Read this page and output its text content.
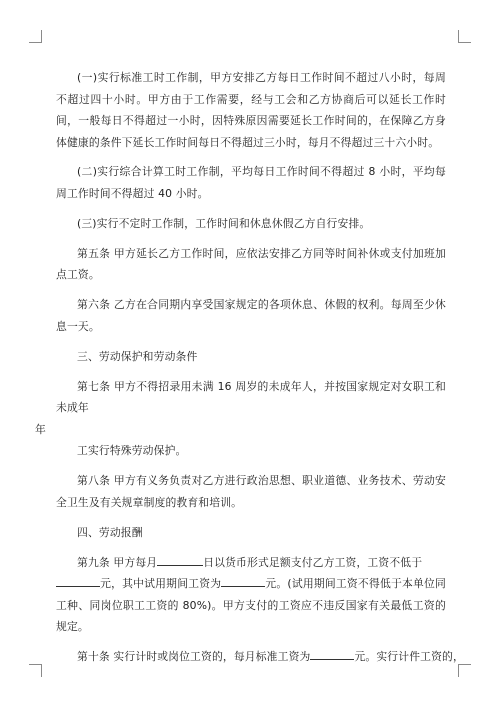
(一)实行标准工时工作制，甲方安排乙方每日工作时间不超过八小时，每周不超过四十小时。甲方由于工作需要，经与工会和乙方协商后可以延长工作时间，一般每日不得超过一小时，因特殊原因需要延长工作时间的，在保障乙方身体健康的条件下延长工作时间每日不得超过三小时，每月不得超过三十六小时。

(二)实行综合计算工时工作制，平均每日工作时间不得超过 8 小时，平均每周工作时间不得超过 40 小时。

(三)实行不定时工作制，工作时间和休息休假乙方自行安排。

第五条 甲方延长乙方工作时间，应依法安排乙方同等时间补休或支付加班加点工资。

第六条 乙方在合同期内享受国家规定的各项休息、休假的权利。每周至少休息一天。

三、劳动保护和劳动条件

第七条 甲方不得招录用未满 16 周岁的未成年人，并按国家规定对女职工和未成年
年

工实行特殊劳动保护。

第八条 甲方有义务负责对乙方进行政治思想、职业道德、业务技术、劳动安全卫生及有关规章制度的教育和培训。

四、劳动报酬

第九条 甲方每月	日以货币形式足额支付乙方工资，工资不低于
元，其中试用期间工资为	元。(试用期间工资不得低于本单位同工种、同岗位职工工资的 80%)。甲方支付的工资应不违反国家有关最低工资的规定。

第十条 实行计时或岗位工资的，每月标准工资为	元。实行计件工资的，
